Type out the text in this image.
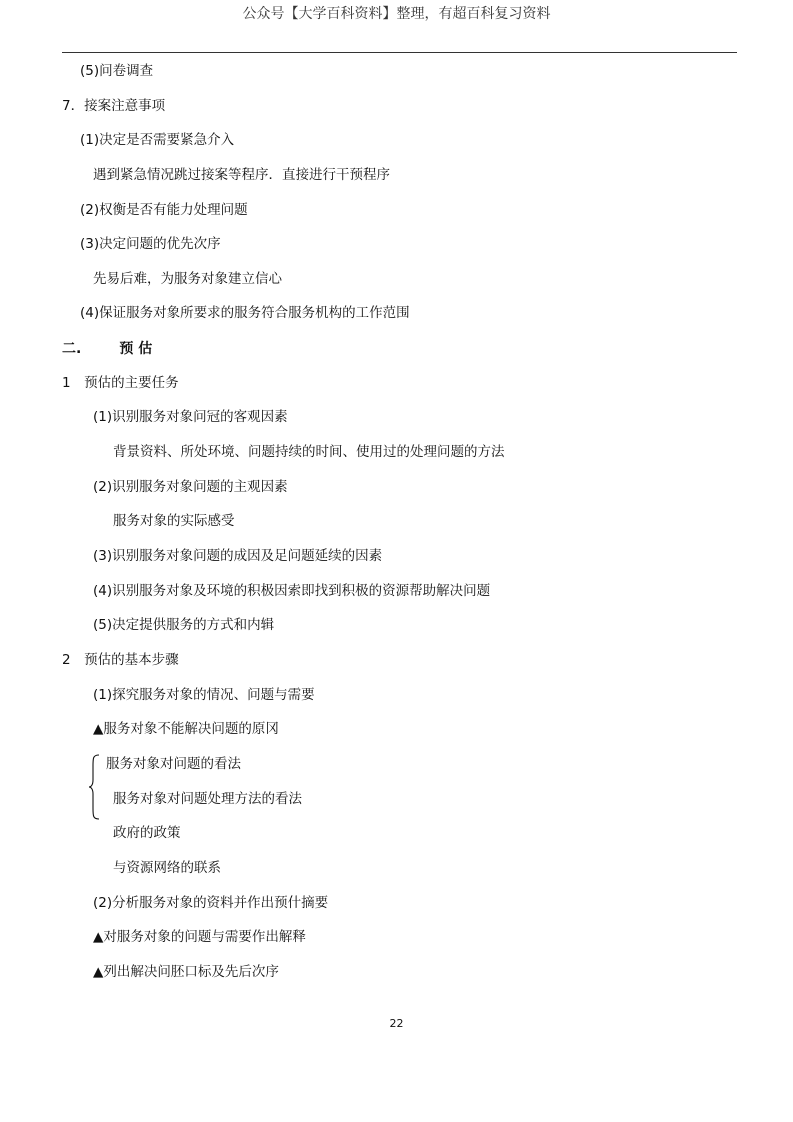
公众号【大学百科资料】整理，有超百科复习资料
(5)问卷调查
7．接案注意事项
(1)决定是否需要紧急介入
遇到紧急情况跳过接案等程序．直接进行干预程序
(2)权衡是否有能力处理问题
(3)决定问题的优先次序
先易后难，为服务对象建立信心
(4)保证服务对象所要求的服务符合服务机构的工作范围
二.	预 估
1　预估的主要任务
(1)识别服务对象问冠的客观因素
背景资料、所处环境、问题持续的时间、使用过的处理问题的方法
(2)识别服务对象问题的主观因素
服务对象的实际感受
(3)识别服务对象问题的成因及足问题延续的因素
(4)识别服务对象及环境的积极因索即找到积极的资源帮助解决问题
(5)决定提供服务的方式和内辑
2　预估的基本步骤
(1)探究服务对象的情况、问题与需要
▲服务对象不能解决问题的原冈
服务对象对问题的看法
服务对象对问题处理方法的看法
政府的政策
与资源网络的联系
(2)分析服务对象的资料并作出预什摘要
▲对服务对象的问题与需要作出解释
▲列出解决问胚口标及先后次序
22
